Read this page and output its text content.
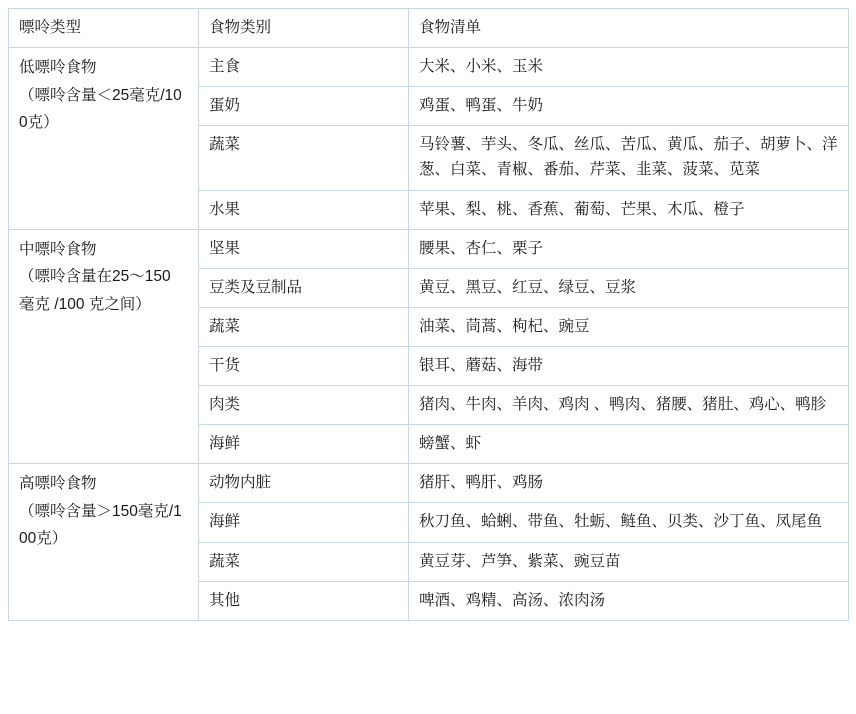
嘌呤类型	食物类别	食物清单

低嘌呤食物
（嘌呤含量＜25毫克/100克）	主食	大米、小米、玉米
	蛋奶	鸡蛋、鸭蛋、牛奶
	蔬菜	马铃薯、芋头、冬瓜、丝瓜、苦瓜、黄瓜、茄子、胡萝卜、洋葱、白菜、青椒、番茄、芹菜、韭菜、菠菜、苋菜
	水果	苹果、梨、桃、香蕉、葡萄、芒果、木瓜、橙子

中嘌呤食物
（嘌呤含量在25～150 毫克 /100 克之间）	坚果	腰果、杏仁、栗子
	豆类及豆制品	黄豆、黑豆、红豆、绿豆、豆浆
	蔬菜	油菜、茼蒿、枸杞、豌豆
	干货	银耳、蘑菇、海带
	肉类	猪肉、牛肉、羊肉、鸡肉 、鸭肉、猪腰、猪肚、鸡心、鸭胗
	海鲜	螃蟹、虾

高嘌呤食物
（嘌呤含量＞150毫克/100克）	动物内脏	猪肝、鸭肝、鸡肠
	海鲜	秋刀鱼、蛤蜊、带鱼、牡蛎、鲢鱼、贝类、沙丁鱼、凤尾鱼
	蔬菜	黄豆芽、芦笋、紫菜、豌豆苗
	其他	啤酒、鸡精、高汤、浓肉汤
